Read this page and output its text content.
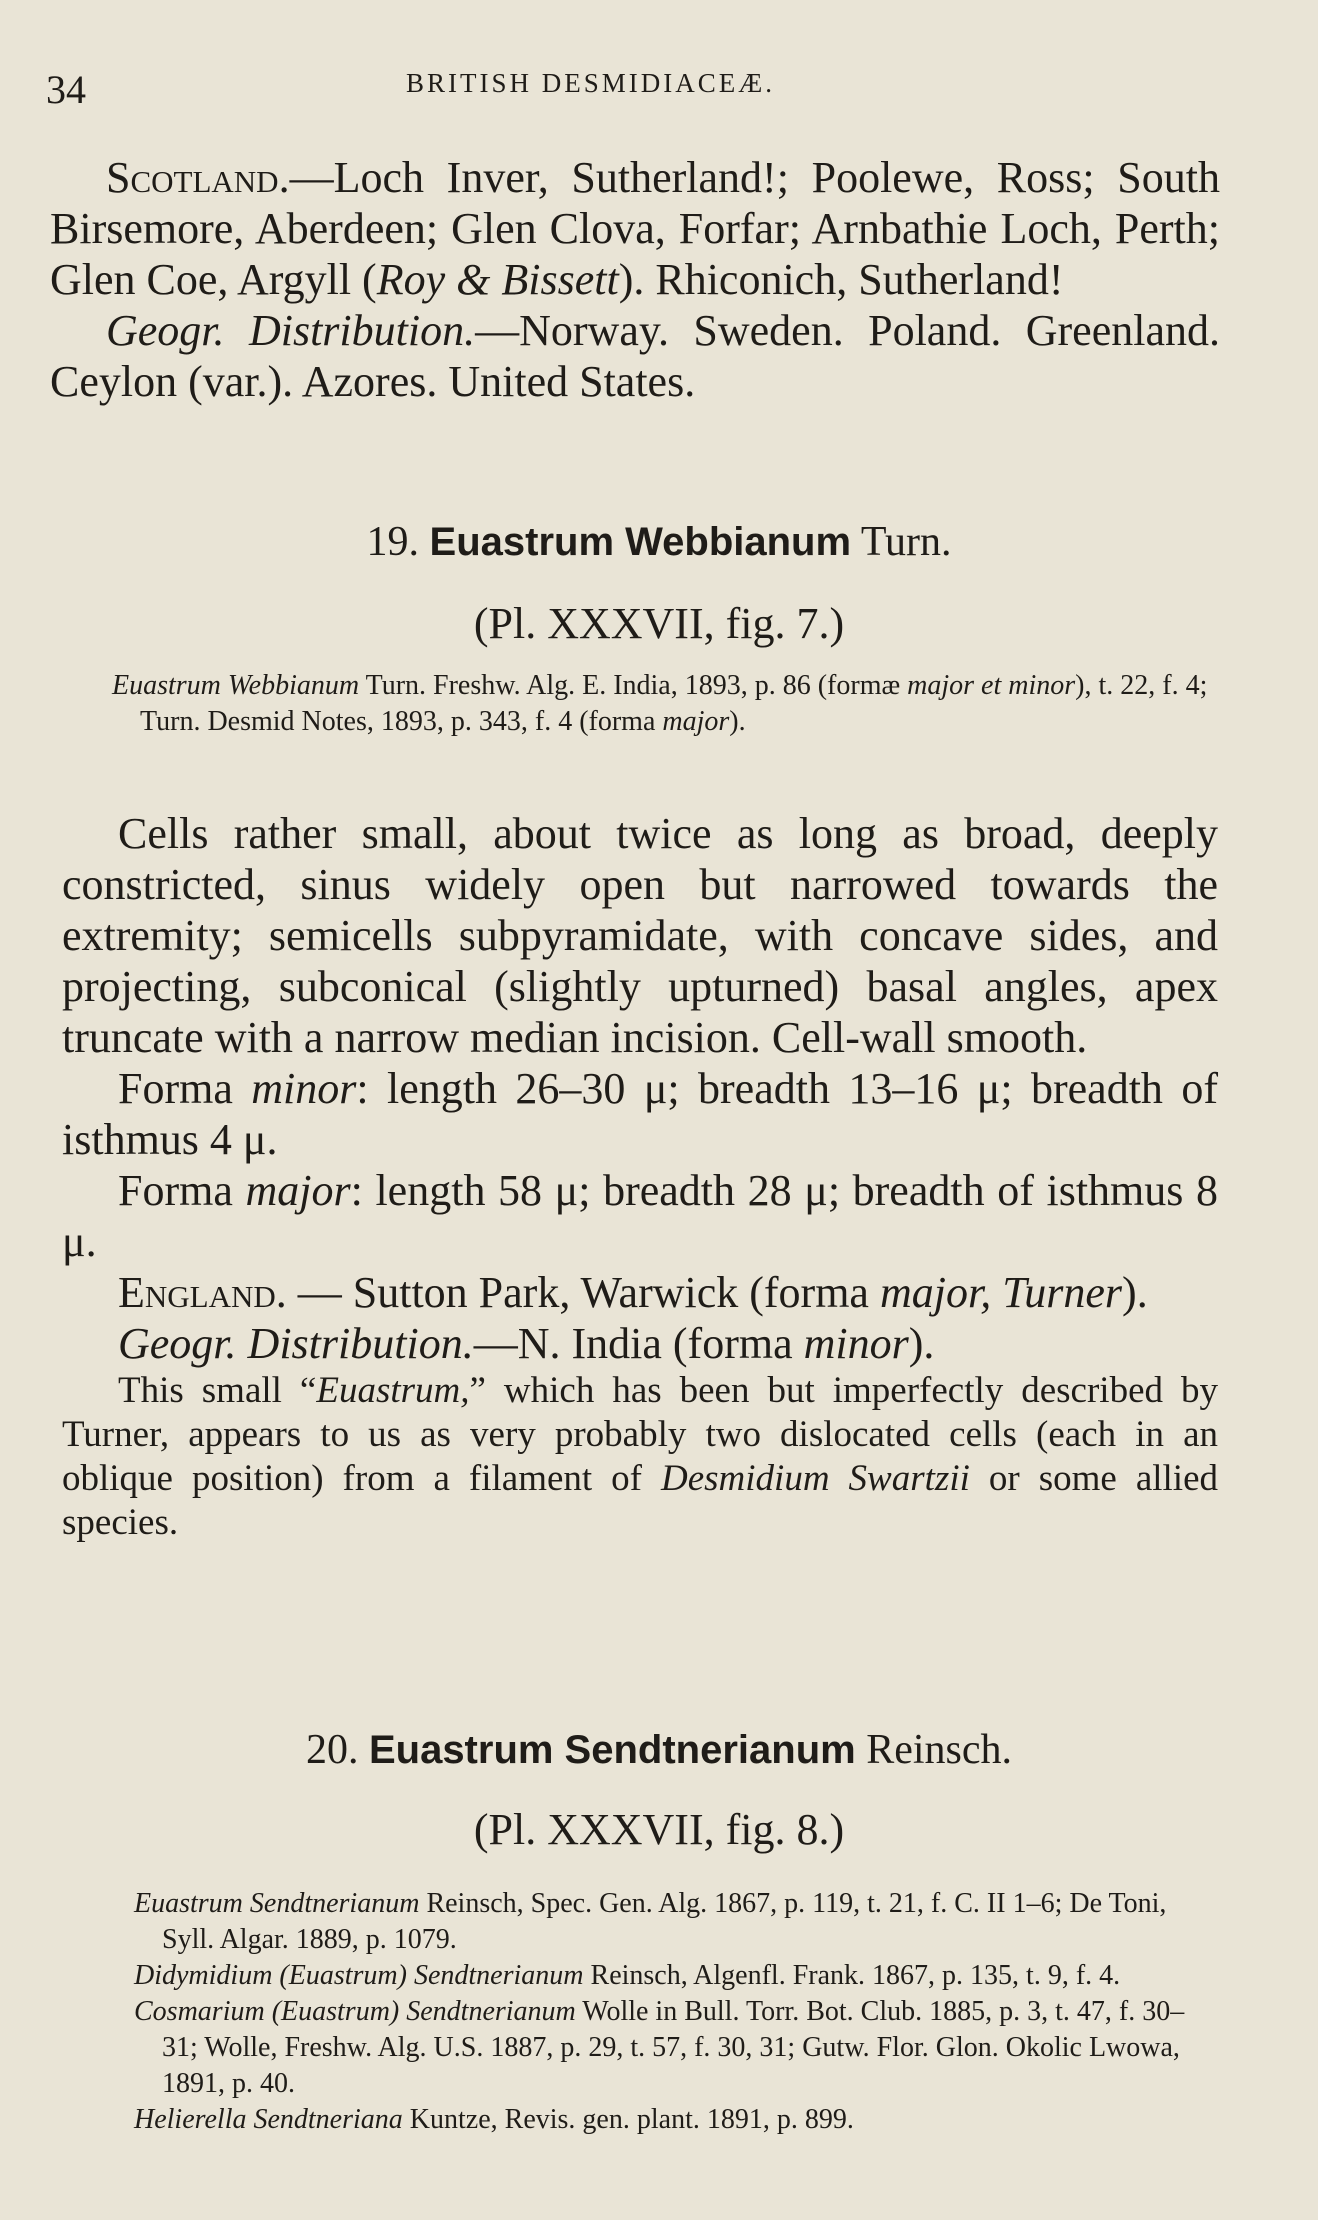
34	BRITISH DESMIDIACEÆ.

Scotland.—Loch Inver, Sutherland!; Poolewe, Ross; South Birsemore, Aberdeen; Glen Clova, Forfar; Arnbathie Loch, Perth; Glen Coe, Argyll (Roy & Bissett). Rhiconich, Sutherland!

Geogr. Distribution.—Norway. Sweden. Poland. Greenland. Ceylon (var.). Azores. United States.

19. Euastrum Webbianum Turn.
(Pl. XXXVII, fig. 7.)

Euastrum Webbianum Turn. Freshw. Alg. E. India, 1893, p. 86 (formæ major et minor), t. 22, f. 4; Turn. Desmid Notes, 1893, p. 343, f. 4 (forma major).

Cells rather small, about twice as long as broad, deeply constricted, sinus widely open but narrowed towards the extremity; semicells subpyramidate, with concave sides, and projecting, subconical (slightly upturned) basal angles, apex truncate with a narrow median incision. Cell-wall smooth.

Forma minor: length 26–30 μ; breadth 13–16 μ; breadth of isthmus 4 μ.

Forma major: length 58 μ; breadth 28 μ; breadth of isthmus 8 μ.

England. — Sutton Park, Warwick (forma major, Turner).

Geogr. Distribution.—N. India (forma minor).

This small “Euastrum,” which has been but imperfectly described by Turner, appears to us as very probably two dislocated cells (each in an oblique position) from a filament of Desmidium Swartzii or some allied species.

20. Euastrum Sendtnerianum Reinsch.
(Pl. XXXVII, fig. 8.)

Euastrum Sendtnerianum Reinsch, Spec. Gen. Alg. 1867, p. 119, t. 21, f. C. II 1–6; De Toni, Syll. Algar. 1889, p. 1079.

Didymidium (Euastrum) Sendtnerianum Reinsch, Algenfl. Frank. 1867, p. 135, t. 9, f. 4.

Cosmarium (Euastrum) Sendtnerianum Wolle in Bull. Torr. Bot. Club. 1885, p. 3, t. 47, f. 30–31; Wolle, Freshw. Alg. U.S. 1887, p. 29, t. 57, f. 30, 31; Gutw. Flor. Glon. Okolic Lwowa, 1891, p. 40.

Helierella Sendtneriana Kuntze, Revis. gen. plant. 1891, p. 899.
